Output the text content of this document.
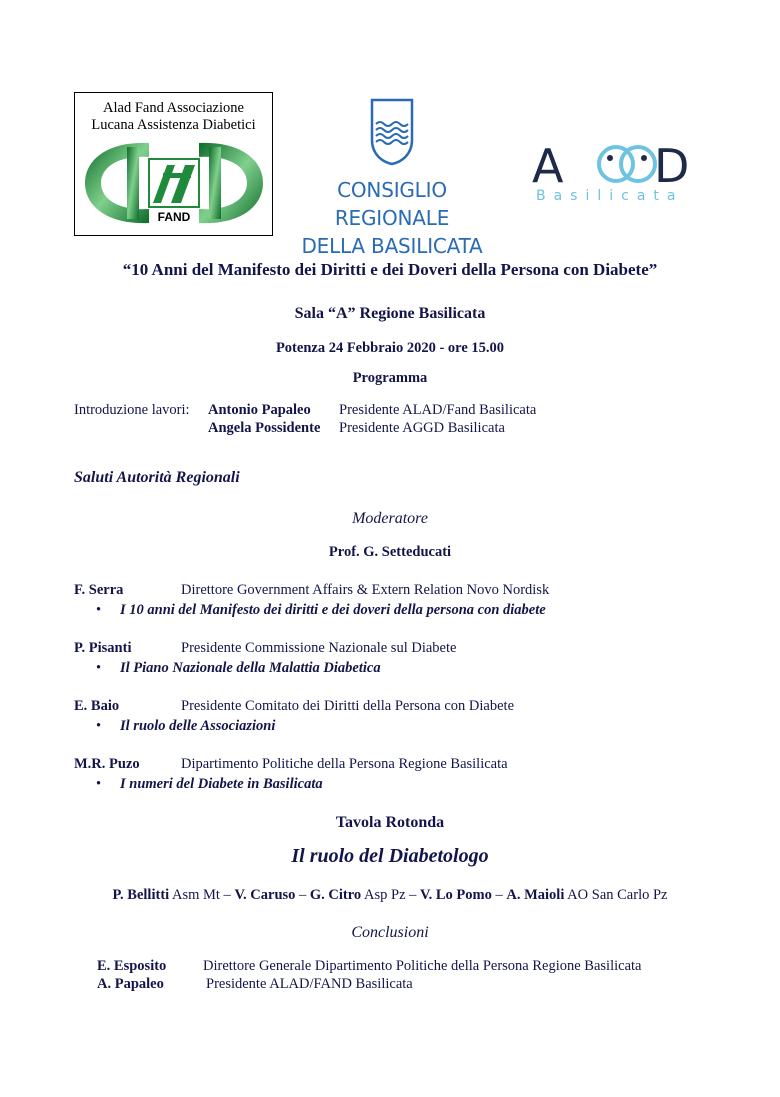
Alad Fand Associazione
Lucana Assistenza Diabetici
FAND
CONSIGLIO REGIONALE
DELLA BASILICATA
A D
Basilicata
“10 Anni del Manifesto dei Diritti e dei Doveri della Persona con Diabete”
Sala “A” Regione Basilicata
Potenza 24 Febbraio 2020 - ore 15.00
Programma
Introduzione lavori: Antonio Papaleo Presidente ALAD/Fand Basilicata
Angela Possidente Presidente AGGD Basilicata
Saluti Autorità Regionali
Moderatore
Prof. G. Setteducati
F. Serra	Direttore Government Affairs & Extern Relation Novo Nordisk
• I 10 anni del Manifesto dei diritti e dei doveri della persona con diabete
P. Pisanti	Presidente Commissione Nazionale sul Diabete
• Il Piano Nazionale della Malattia Diabetica
E. Baio	Presidente Comitato dei Diritti della Persona con Diabete
• Il ruolo delle Associazioni
M.R. Puzo	Dipartimento Politiche della Persona Regione Basilicata
• I numeri del Diabete in Basilicata
Tavola Rotonda
Il ruolo del Diabetologo
P. Bellitti Asm Mt – V. Caruso – G. Citro Asp Pz – V. Lo Pomo – A. Maioli AO San Carlo Pz
Conclusioni
E. Esposito	Direttore Generale Dipartimento Politiche della Persona Regione Basilicata
A. Papaleo	Presidente ALAD/FAND Basilicata
